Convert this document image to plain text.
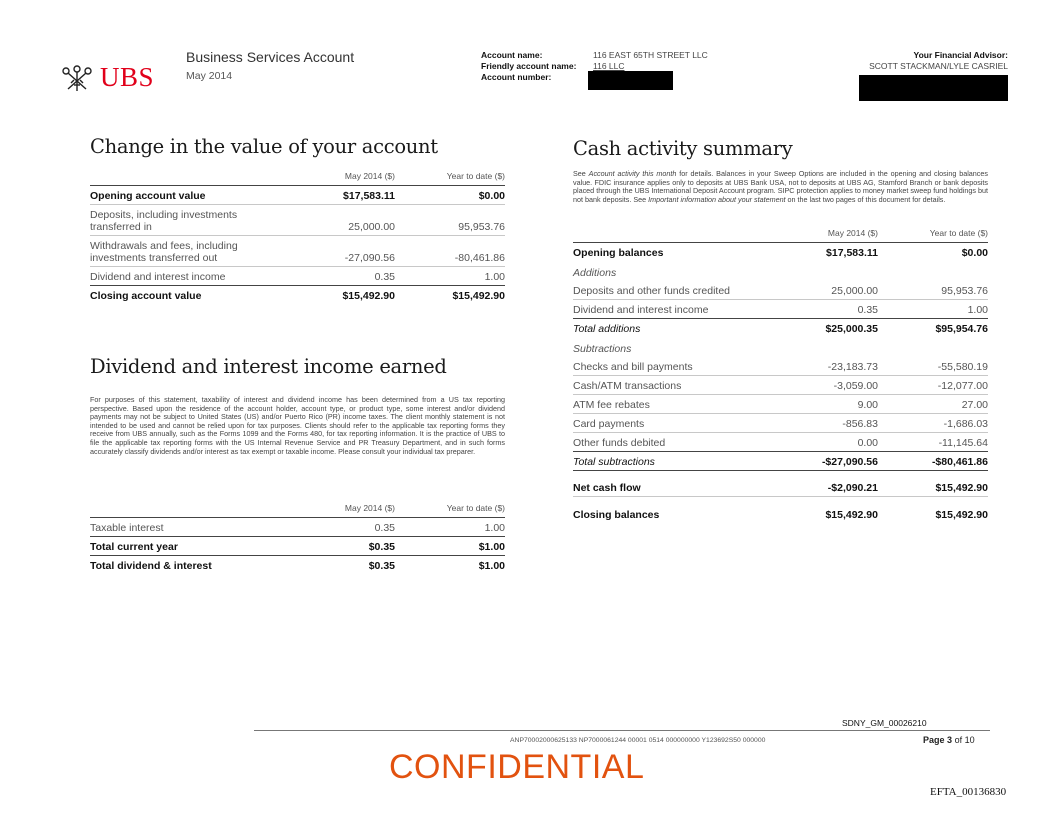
UBS
Business Services Account
May 2014
Account name:	116 EAST 65TH STREET LLC
Friendly account name: 116 LLC
Account number:
Your Financial Advisor:
SCOTT STACKMAN/LYLE CASRIEL
Change in the value of your account
	May 2014 ($)	Year to date ($)
Opening account value	$17,583.11	$0.00
Deposits, including investments transferred in	25,000.00	95,953.76
Withdrawals and fees, including investments transferred out	-27,090.56	-80,461.86
Dividend and interest income	0.35	1.00
Closing account value	$15,492.90	$15,492.90
Dividend and interest income earned
For purposes of this statement, taxability of interest and dividend income has been determined from a US tax reporting perspective. Based upon the residence of the account holder, account type, or product type, some interest and/or dividend payments may not be subject to United States (US) and/or Puerto Rico (PR) income taxes. The client monthly statement is not intended to be used and cannot be relied upon for tax purposes. Clients should refer to the applicable tax reporting forms they receive from UBS annually, such as the Forms 1099 and the Forms 480, for tax reporting information. It is the practice of UBS to file the applicable tax reporting forms with the US Internal Revenue Service and PR Treasury Department, and in such forms accurately classify dividends and/or interest as tax exempt or taxable income. Please consult your individual tax preparer.
	May 2014 ($)	Year to date ($)
Taxable interest	0.35	1.00
Total current year	$0.35	$1.00
Total dividend & interest	$0.35	$1.00
Cash activity summary
See Account activity this month for details. Balances in your Sweep Options are included in the opening and closing balances value. FDIC insurance applies only to deposits at UBS Bank USA, not to deposits at UBS AG, Stamford Branch or bank deposits placed through the UBS International Deposit Account program. SIPC protection applies to money market sweep fund holdings but not bank deposits. See Important information about your statement on the last two pages of this document for details.
	May 2014 ($)	Year to date ($)
Opening balances	$17,583.11	$0.00
Additions		
Deposits and other funds credited	25,000.00	95,953.76
Dividend and interest income	0.35	1.00
Total additions	$25,000.35	$95,954.76
Subtractions		
Checks and bill payments	-23,183.73	-55,580.19
Cash/ATM transactions	-3,059.00	-12,077.00
ATM fee rebates	9.00	27.00
Card payments	-856.83	-1,686.03
Other funds debited	0.00	-11,145.64
Total subtractions	-$27,090.56	-$80,461.86
Net cash flow	-$2,090.21	$15,492.90
Closing balances	$15,492.90	$15,492.90
SDNY_GM_00026210
ANP70002000625133 NP7000061244 00001 0514 000000000 Y123692S50 000000	Page 3 of 10
CONFIDENTIAL
EFTA_00136830
